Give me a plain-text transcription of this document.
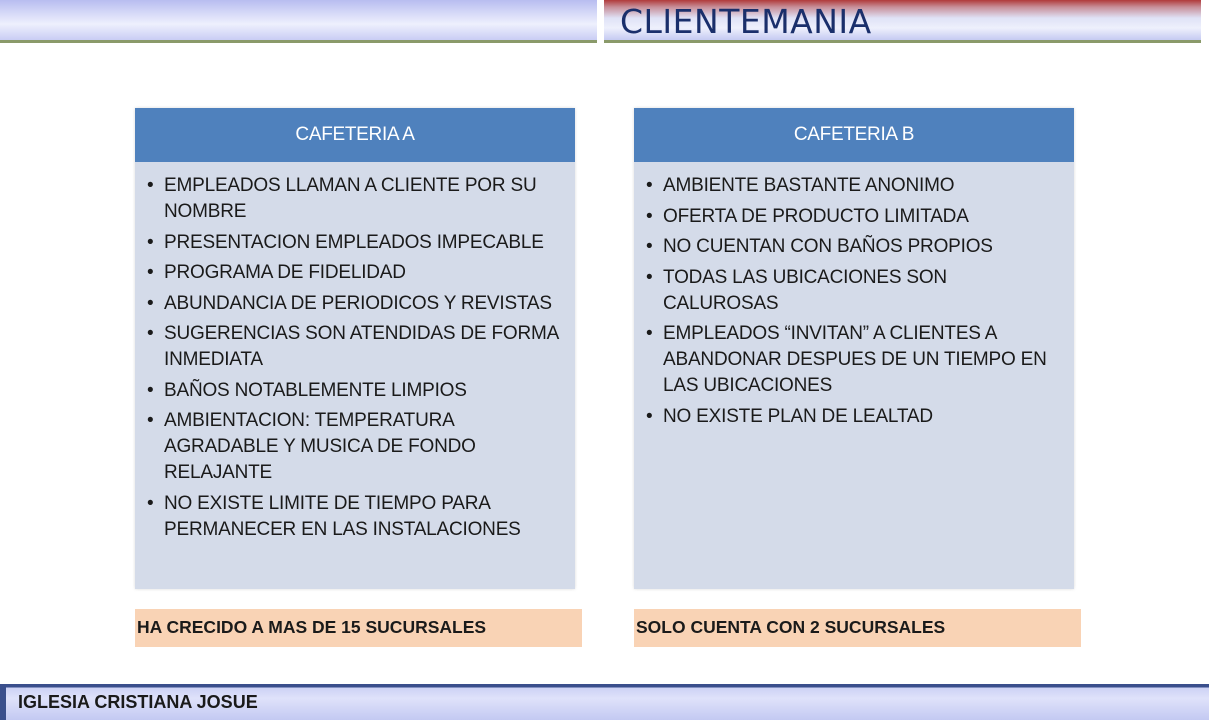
CLIENTEMANIA
CAFETERIA A
• EMPLEADOS LLAMAN A CLIENTE POR SU NOMBRE
• PRESENTACION EMPLEADOS IMPECABLE
• PROGRAMA DE FIDELIDAD
• ABUNDANCIA DE PERIODICOS Y REVISTAS
• SUGERENCIAS SON ATENDIDAS DE FORMA INMEDIATA
• BAÑOS NOTABLEMENTE LIMPIOS
• AMBIENTACION: TEMPERATURA AGRADABLE Y MUSICA DE FONDO RELAJANTE
• NO EXISTE LIMITE DE TIEMPO PARA PERMANECER EN LAS INSTALACIONES
CAFETERIA B
• AMBIENTE BASTANTE ANONIMO
• OFERTA DE PRODUCTO LIMITADA
• NO CUENTAN CON BAÑOS PROPIOS
• TODAS LAS UBICACIONES SON CALUROSAS
• EMPLEADOS “INVITAN” A CLIENTES A ABANDONAR DESPUES DE UN TIEMPO EN LAS UBICACIONES
• NO EXISTE PLAN DE LEALTAD
HA CRECIDO A MAS DE 15 SUCURSALES	SOLO CUENTA CON 2 SUCURSALES
IGLESIA CRISTIANA JOSUE
